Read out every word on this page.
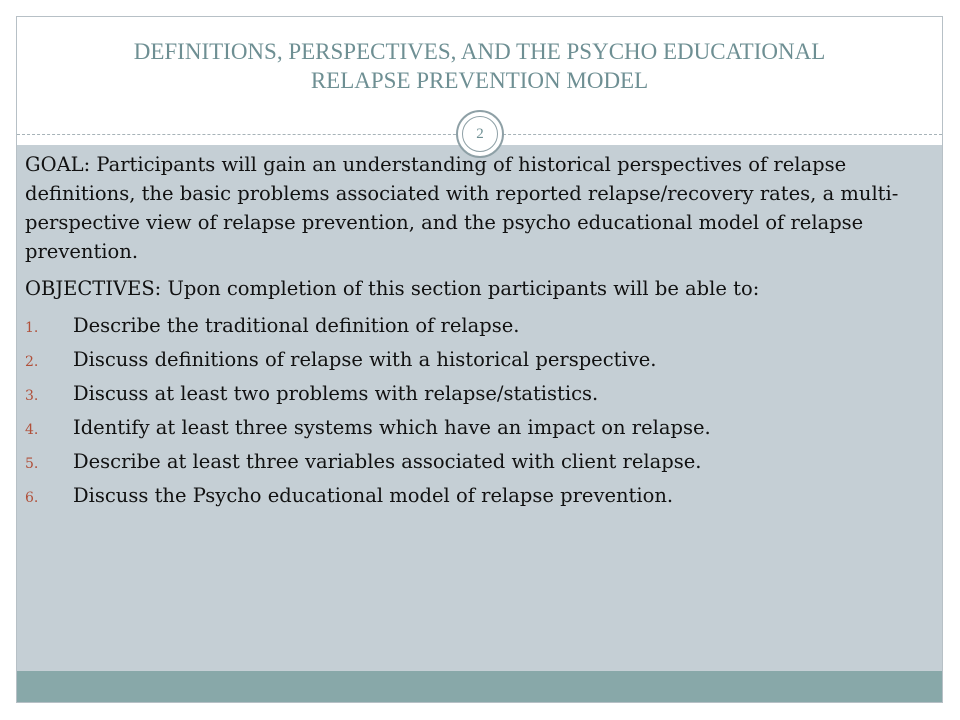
DEFINITIONS, PERSPECTIVES, AND THE PSYCHO EDUCATIONAL
RELAPSE PREVENTION MODEL
2

GOAL: Participants will gain an understanding of historical perspectives of relapse definitions, the basic problems associated with reported relapse/recovery rates, a multi-perspective view of relapse prevention, and the psycho educational model of relapse prevention.

OBJECTIVES: Upon completion of this section participants will be able to:

1.	Describe the traditional definition of relapse.
2.	Discuss definitions of relapse with a historical perspective.
3.	Discuss at least two problems with relapse/statistics.
4.	Identify at least three systems which have an impact on relapse.
5.	Describe at least three variables associated with client relapse.
6.	Discuss the Psycho educational model of relapse prevention.
